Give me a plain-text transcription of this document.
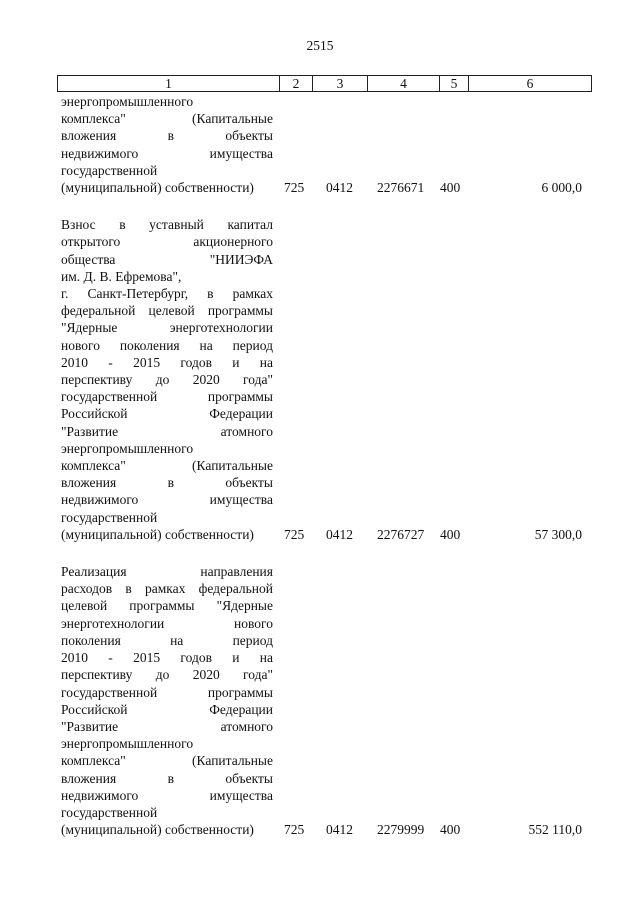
2515
1	2	3	4	5	6
энергопромышленного
комплекса" (Капитальные
вложения в объекты
недвижимого имущества
государственной
(муниципальной) собственности)	725 0412 2276671 400	6 000,0
Взнос в уставный капитал
открытого акционерного
общества "НИИЭФА
им. Д. В. Ефремова",
г. Санкт-Петербург, в рамках
федеральной целевой программы
"Ядерные энерготехнологии
нового поколения на период
2010 - 2015 годов и на
перспективу до 2020 года"
государственной программы
Российской Федерации
"Развитие атомного
энергопромышленного
комплекса" (Капитальные
вложения в объекты
недвижимого имущества
государственной
(муниципальной) собственности)	725 0412 2276727 400	57 300,0
Реализация направления
расходов в рамках федеральной
целевой программы "Ядерные
энерготехнологии нового
поколения на период
2010 - 2015 годов и на
перспективу до 2020 года"
государственной программы
Российской Федерации
"Развитие атомного
энергопромышленного
комплекса" (Капитальные
вложения в объекты
недвижимого имущества
государственной
(муниципальной) собственности)	725 0412 2279999 400	552 110,0
